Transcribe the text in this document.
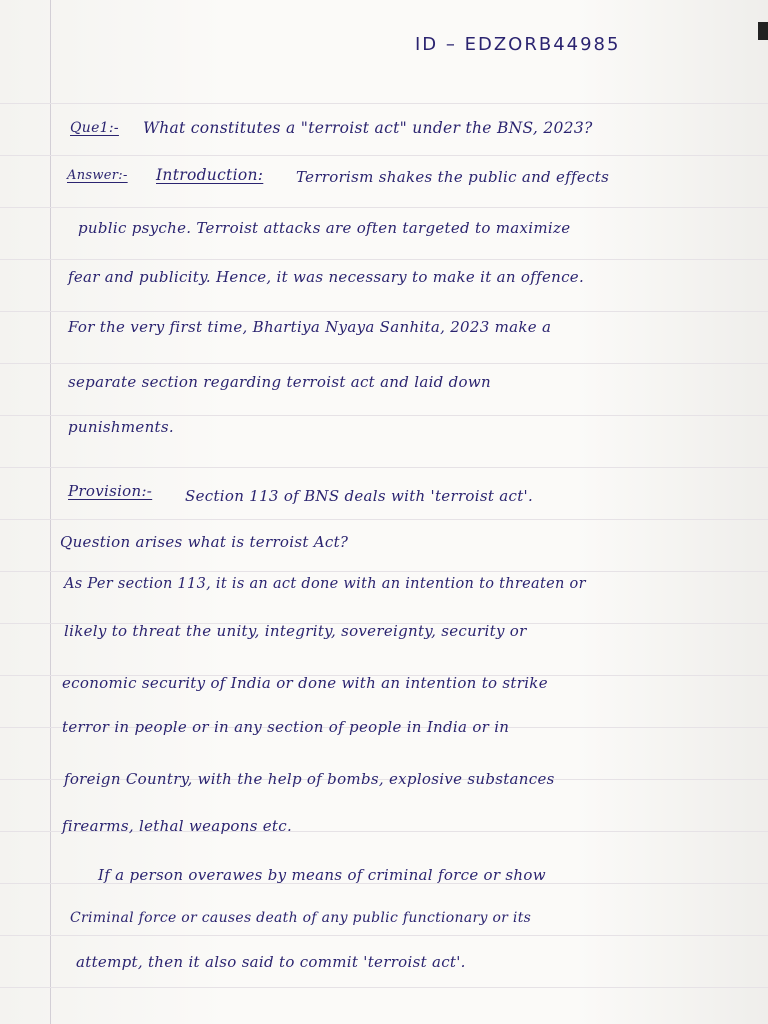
ID – EDZORB44985
Que1:- What constitutes a "terroist act" under the BNS, 2023?
Answer:- Introduction: Terrorism shakes the public and effects
public psyche. Terroist attacks are often targeted to maximize
fear and publicity. Hence, it was necessary to make it an offence.
For the very first time, Bhartiya Nyaya Sanhita, 2023 make a
separate section regarding terroist act and laid down
punishments.
Provision:- Section 113 of BNS deals with 'terroist act'.
Question arises what is terroist Act?
As Per section 113, it is an act done with an intention to threaten or
likely to threat the unity, integrity, sovereignty, security or
economic security of India or done with an intention to strike
terror in people or in any section of people in India or in
foreign Country, with the help of bombs, explosive substances
firearms, lethal weapons etc.
If a person overawes by means of criminal force or show
Criminal force or causes death of any public functionary or its
attempt, then it also said to commit 'terroist act'.
